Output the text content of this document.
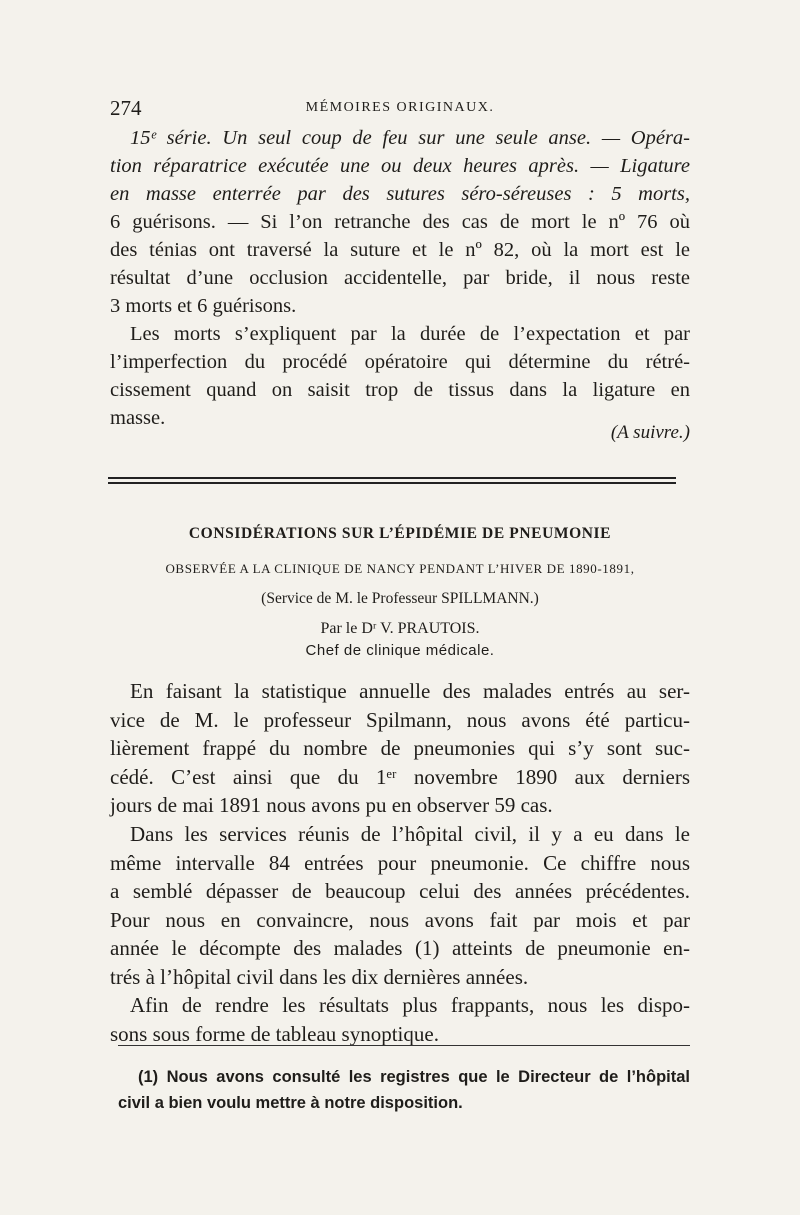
274	MÉMOIRES ORIGINAUX.
15ᵉ série. Un seul coup de feu sur une seule anse. — Opéra-
tion réparatrice exécutée une ou deux heures après. — Ligature
en masse enterrée par des sutures séro-séreuses : 5 morts,
6 guérisons. — Si l’on retranche des cas de mort le nº 76 où
des ténias ont traversé la suture et le nº 82, où la mort est le
résultat d’une occlusion accidentelle, par bride, il nous reste
3 morts et 6 guérisons.
Les morts s’expliquent par la durée de l’expectation et par
l’imperfection du procédé opératoire qui détermine du rétré-
cissement quand on saisit trop de tissus dans la ligature en
masse.
(A suivre.)
CONSIDÉRATIONS SUR L’ÉPIDÉMIE DE PNEUMONIE
OBSERVÉE A LA CLINIQUE DE NANCY PENDANT L’HIVER DE 1890-1891,
(Service de M. le Professeur SPILLMANN.)
Par le Dʳ V. PRAUTOIS.
Chef de clinique médicale.
En faisant la statistique annuelle des malades entrés au ser-
vice de M. le professeur Spilmann, nous avons été particu-
lièrement frappé du nombre de pneumonies qui s’y sont suc-
cédé. C’est ainsi que du 1ᵉʳ novembre 1890 aux derniers
jours de mai 1891 nous avons pu en observer 59 cas.
Dans les services réunis de l’hôpital civil, il y a eu dans le
même intervalle 84 entrées pour pneumonie. Ce chiffre nous
a semblé dépasser de beaucoup celui des années précédentes.
Pour nous en convaincre, nous avons fait par mois et par
année le décompte des malades (1) atteints de pneumonie en-
trés à l’hôpital civil dans les dix dernières années.
Afin de rendre les résultats plus frappants, nous les dispo-
sons sous forme de tableau synoptique.
(1) Nous avons consulté les registres que le Directeur de l’hôpital
civil a bien voulu mettre à notre disposition.
